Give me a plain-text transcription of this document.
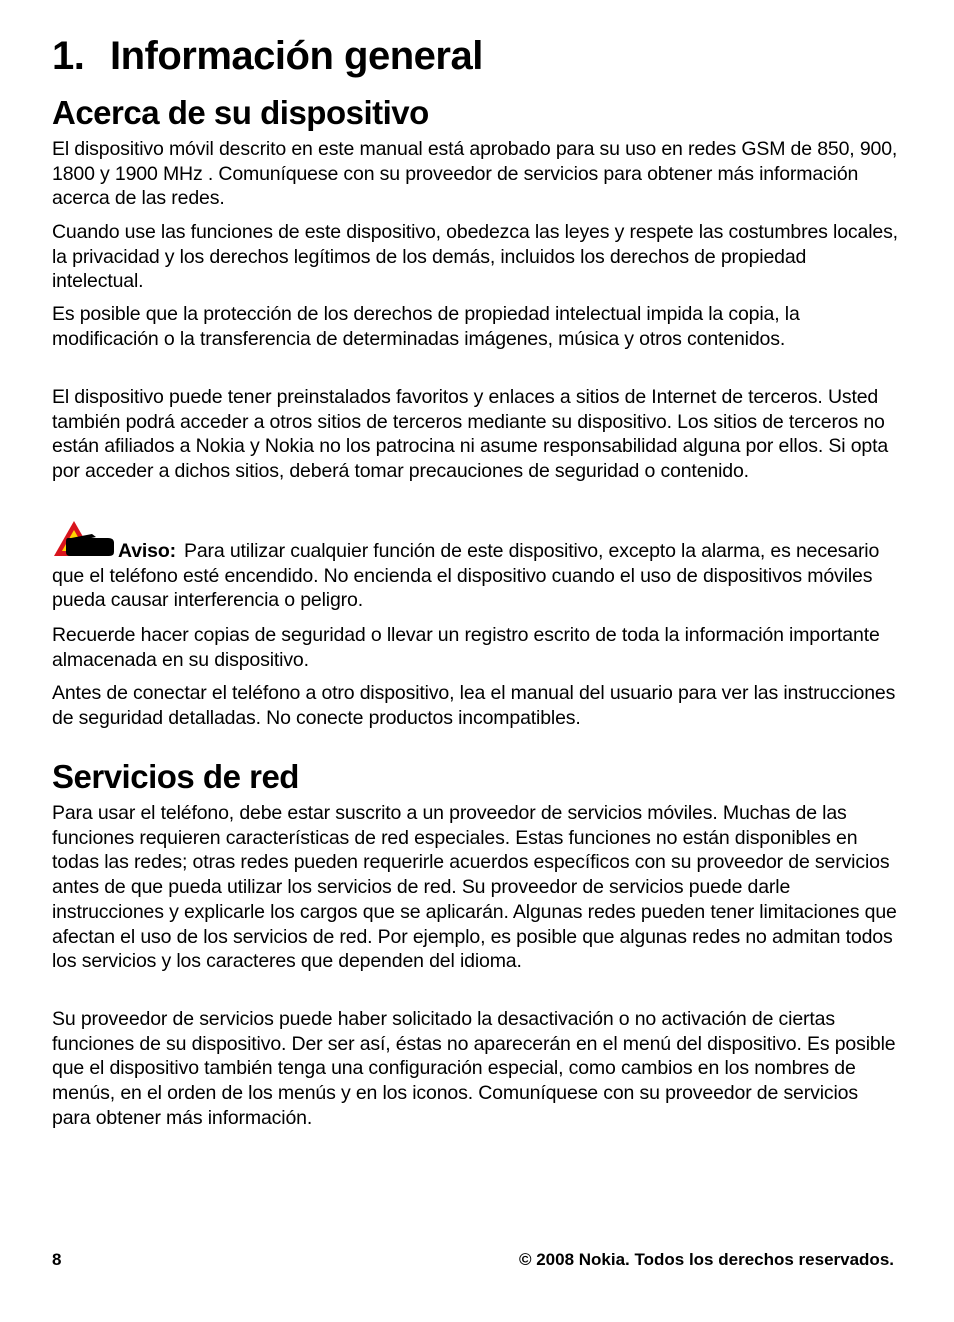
1. Información general
Acerca de su dispositivo

El dispositivo móvil descrito en este manual está aprobado para su uso en redes GSM de 850, 900, 1800 y 1900 MHz . Comuníquese con su proveedor de servicios para obtener más información acerca de las redes.

Cuando use las funciones de este dispositivo, obedezca las leyes y respete las costumbres locales, la privacidad y los derechos legítimos de los demás, incluidos los derechos de propiedad intelectual.

Es posible que la protección de los derechos de propiedad intelectual impida la copia, la modificación o la transferencia de determinadas imágenes, música y otros contenidos.

El dispositivo puede tener preinstalados favoritos y enlaces a sitios de Internet de terceros. Usted también podrá acceder a otros sitios de terceros mediante su dispositivo. Los sitios de terceros no están afiliados a Nokia y Nokia no los patrocina ni asume responsabilidad alguna por ellos. Si opta por acceder a dichos sitios, deberá tomar precauciones de seguridad o contenido.

Aviso: Para utilizar cualquier función de este dispositivo, excepto la alarma, es necesario que el teléfono esté encendido. No encienda el dispositivo cuando el uso de dispositivos móviles pueda causar interferencia o peligro.

Recuerde hacer copias de seguridad o llevar un registro escrito de toda la información importante almacenada en su dispositivo.

Antes de conectar el teléfono a otro dispositivo, lea el manual del usuario para ver las instrucciones de seguridad detalladas. No conecte productos incompatibles.

Servicios de red

Para usar el teléfono, debe estar suscrito a un proveedor de servicios móviles. Muchas de las funciones requieren características de red especiales. Estas funciones no están disponibles en todas las redes; otras redes pueden requerirle acuerdos específicos con su proveedor de servicios antes de que pueda utilizar los servicios de red. Su proveedor de servicios puede darle instrucciones y explicarle los cargos que se aplicarán. Algunas redes pueden tener limitaciones que afectan el uso de los servicios de red. Por ejemplo, es posible que algunas redes no admitan todos los servicios y los caracteres que dependen del idioma.

Su proveedor de servicios puede haber solicitado la desactivación o no activación de ciertas funciones de su dispositivo. Der ser así, éstas no aparecerán en el menú del dispositivo. Es posible que el dispositivo también tenga una configuración especial, como cambios en los nombres de menús, en el orden de los menús y en los iconos. Comuníquese con su proveedor de servicios para obtener más información.

8	© 2008 Nokia. Todos los derechos reservados.
